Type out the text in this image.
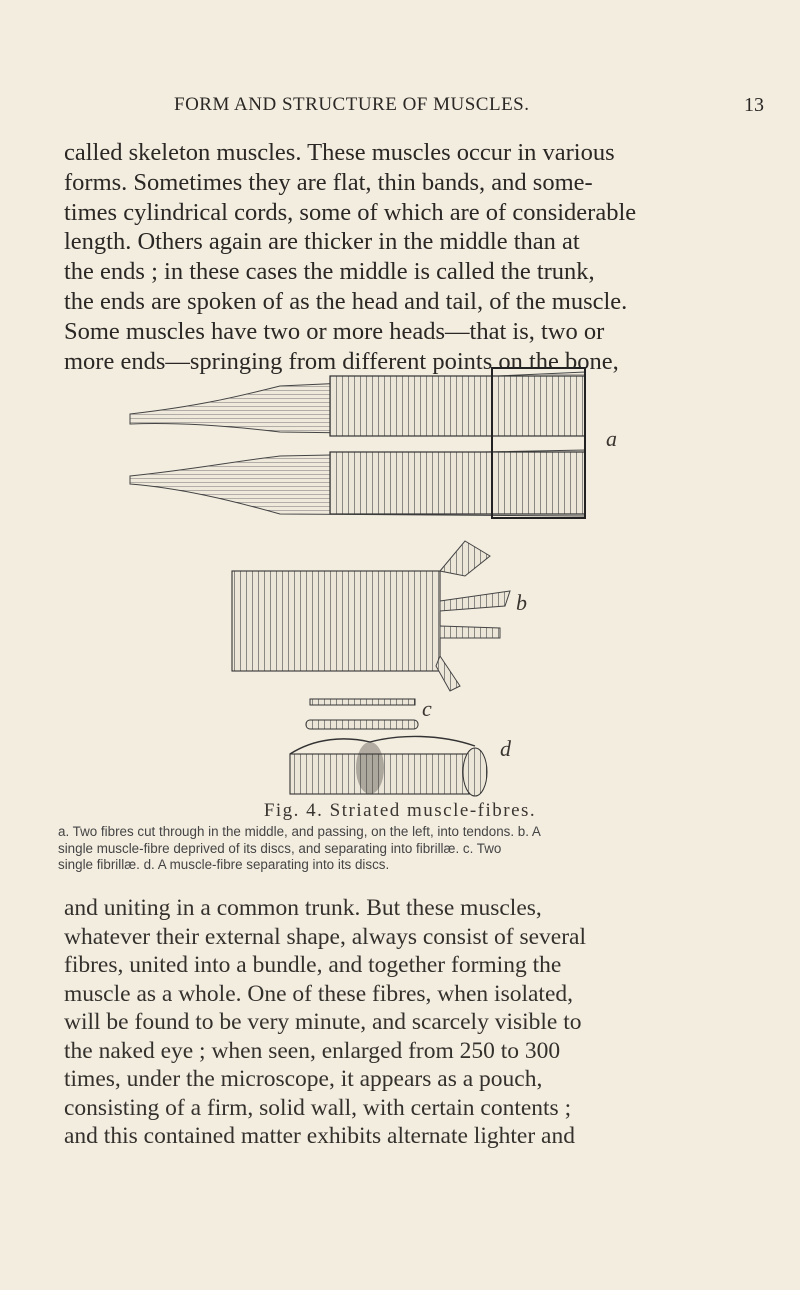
FORM AND STRUCTURE OF MUSCLES.	13
called skeleton muscles. These muscles occur in various
forms. Sometimes they are flat, thin bands, and some-
times cylindrical cords, some of which are of considerable
length. Others again are thicker in the middle than at
the ends ; in these cases the middle is called the trunk,
the ends are spoken of as the head and tail, of the muscle.
Some muscles have two or more heads—that is, two or
more ends—springing from different points on the bone,
a
b
c
d
Fig. 4. Striated muscle-fibres.
a. Two fibres cut through in the middle, and passing, on the left, into tendons. b. A
single muscle-fibre deprived of its discs, and separating into fibrillæ. c. Two
single fibrillæ. d. A muscle-fibre separating into its discs.
and uniting in a common trunk. But these muscles,
whatever their external shape, always consist of several
fibres, united into a bundle, and together forming the
muscle as a whole. One of these fibres, when isolated,
will be found to be very minute, and scarcely visible to
the naked eye ; when seen, enlarged from 250 to 300
times, under the microscope, it appears as a pouch,
consisting of a firm, solid wall, with certain contents ;
and this contained matter exhibits alternate lighter and
